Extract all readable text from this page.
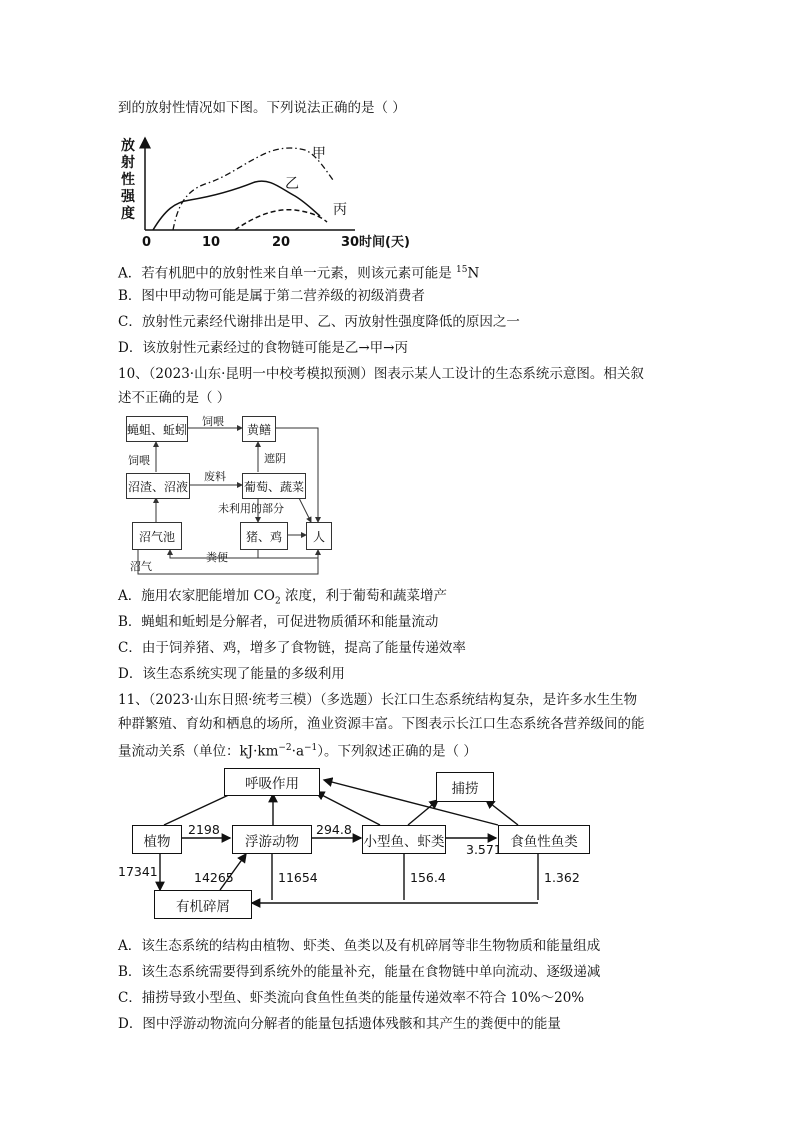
到的放射性情况如下图。下列说法正确的是（ ）
放
射
性
强
度
0	10	20	30 时间(天)
甲
乙
丙
A．若有机肥中的放射性来自单一元素，则该元素可能是 $^{15}$N
B．图中甲动物可能是属于第二营养级的初级消费者
C．放射性元素经代谢排出是甲、乙、丙放射性强度降低的原因之一
D．该放射性元素经过的食物链可能是乙→甲→丙
10、（2023·山东·昆明一中校考模拟预测）图表示某人工设计的生态系统示意图。相关叙
述不正确的是（ ）
蝇蛆、蚯蚓	黄鳝
沼渣、沼液	葡萄、蔬菜
沼气池	猪、鸡	人
饲喂
饲喂	遮阴
废料
未利用的部分
粪便
沼气
A．施用农家肥能增加 $CO_2$ 浓度，利于葡萄和蔬菜增产
B．蝇蛆和蚯蚓是分解者，可促进物质循环和能量流动
C．由于饲养猪、鸡，增多了食物链，提高了能量传递效率
D．该生态系统实现了能量的多级利用
11、（2023·山东日照·统考三模）（多选题）长江口生态系统结构复杂，是许多水生生物
种群繁殖、育幼和栖息的场所，渔业资源丰富。下图表示长江口生态系统各营养级间的能
量流动关系（单位：$kJ\cdot km^{-2}\cdot a^{-1}$）。下列叙述正确的是（ ）
呼吸作用	捕捞
植物	浮游动物	小型鱼、虾类	食鱼性鱼类
有机碎屑
2198	294.8
3.571
17341	14265	11654	156.4	1.362
A．该生态系统的结构由植物、虾类、鱼类以及有机碎屑等非生物物质和能量组成
B．该生态系统需要得到系统外的能量补充，能量在食物链中单向流动、逐级递减
C．捕捞导致小型鱼、虾类流向食鱼性鱼类的能量传递效率不符合 10%～20%
D．图中浮游动物流向分解者的能量包括遗体残骸和其产生的粪便中的能量
